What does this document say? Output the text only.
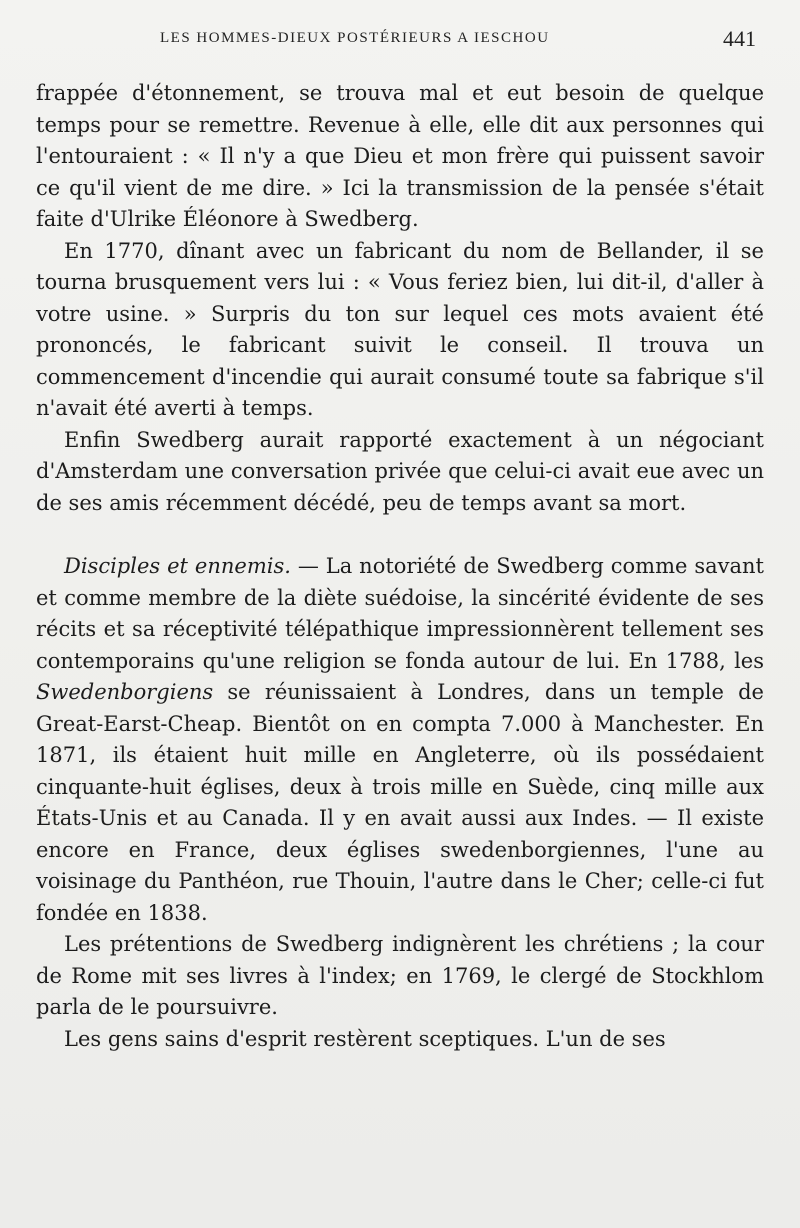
LES HOMMES-DIEUX POSTÉRIEURS A IESCHOU	441

frappée d'étonnement, se trouva mal et eut besoin de quelque temps pour se remettre. Revenue à elle, elle dit aux personnes qui l'entouraient : « Il n'y a que Dieu et mon frère qui puissent savoir ce qu'il vient de me dire. » Ici la transmission de la pensée s'était faite d'Ulrike Éléonore à Swedberg.

En 1770, dînant avec un fabricant du nom de Bellander, il se tourna brusquement vers lui : « Vous feriez bien, lui dit-il, d'aller à votre usine. » Surpris du ton sur lequel ces mots avaient été prononcés, le fabricant suivit le conseil. Il trouva un commencement d'incendie qui aurait consumé toute sa fabrique s'il n'avait été averti à temps.

Enfin Swedberg aurait rapporté exactement à un négociant d'Amsterdam une conversation privée que celui-ci avait eue avec un de ses amis récemment décédé, peu de temps avant sa mort.

Disciples et ennemis. — La notoriété de Swedberg comme savant et comme membre de la diète suédoise, la sincérité évidente de ses récits et sa réceptivité télépathique impressionnèrent tellement ses contemporains qu'une religion se fonda autour de lui. En 1788, les Swedenborgiens se réunissaient à Londres, dans un temple de Great-Earst-Cheap. Bientôt on en compta 7.000 à Manchester. En 1871, ils étaient huit mille en Angleterre, où ils possédaient cinquante-huit églises, deux à trois mille en Suède, cinq mille aux États-Unis et au Canada. Il y en avait aussi aux Indes. — Il existe encore en France, deux églises swedenborgiennes, l'une au voisinage du Panthéon, rue Thouin, l'autre dans le Cher; celle-ci fut fondée en 1838.

Les prétentions de Swedberg indignèrent les chrétiens ; la cour de Rome mit ses livres à l'index; en 1769, le clergé de Stockhlom parla de le poursuivre.

Les gens sains d'esprit restèrent sceptiques. L'un de ses
